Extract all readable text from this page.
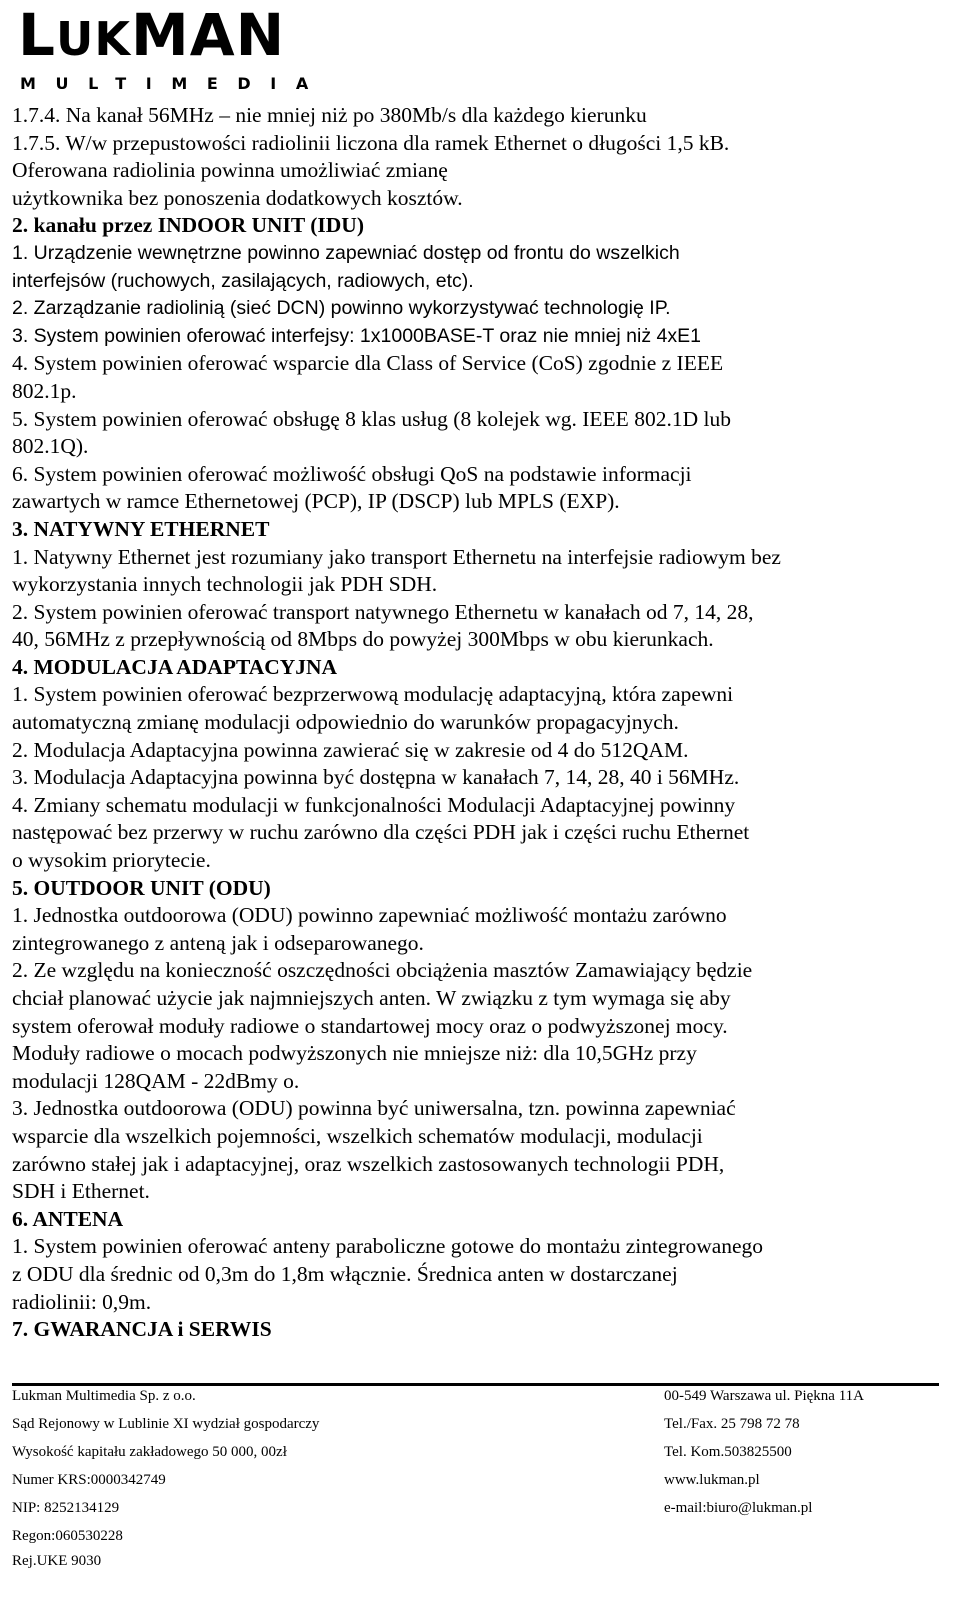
LUKMAN
MULTIMEDIA
1.7.4. Na kanał 56MHz – nie mniej niż po 380Mb/s dla każdego kierunku
1.7.5. W/w przepustowości radiolinii liczona dla ramek Ethernet o długości 1,5 kB.
Oferowana radiolinia powinna umożliwiać zmianę
użytkownika bez ponoszenia dodatkowych kosztów.
2. kanału przez INDOOR UNIT (IDU)
1. Urządzenie wewnętrzne powinno zapewniać dostęp od frontu do wszelkich
interfejsów (ruchowych, zasilających, radiowych, etc).
2. Zarządzanie radiolinią (sieć DCN) powinno wykorzystywać technologię IP.
3. System powinien oferować interfejsy: 1x1000BASE-T oraz nie mniej niż 4xE1
4. System powinien oferować wsparcie dla Class of Service (CoS) zgodnie z IEEE
802.1p.
5. System powinien oferować obsługę 8 klas usług (8 kolejek wg. IEEE 802.1D lub
802.1Q).
6. System powinien oferować możliwość obsługi QoS na podstawie informacji
zawartych w ramce Ethernetowej (PCP), IP (DSCP) lub MPLS (EXP).
3. NATYWNY ETHERNET
1. Natywny Ethernet jest rozumiany jako transport Ethernetu na interfejsie radiowym bez
wykorzystania innych technologii jak PDH SDH.
2. System powinien oferować transport natywnego Ethernetu w kanałach od 7, 14, 28,
40, 56MHz z przepływnością od 8Mbps do powyżej 300Mbps w obu kierunkach.
4. MODULACJA ADAPTACYJNA
1. System powinien oferować bezprzerwową modulację adaptacyjną, która zapewni
automatyczną zmianę modulacji odpowiednio do warunków propagacyjnych.
2. Modulacja Adaptacyjna powinna zawierać się w zakresie od 4 do 512QAM.
3. Modulacja Adaptacyjna powinna być dostępna w kanałach 7, 14, 28, 40 i 56MHz.
4. Zmiany schematu modulacji w funkcjonalności Modulacji Adaptacyjnej powinny
następować bez przerwy w ruchu zarówno dla części PDH jak i części ruchu Ethernet
o wysokim priorytecie.
5. OUTDOOR UNIT (ODU)
1. Jednostka outdoorowa (ODU) powinno zapewniać możliwość montażu zarówno
zintegrowanego z anteną jak i odseparowanego.
2. Ze względu na konieczność oszczędności obciążenia masztów Zamawiający będzie
chciał planować użycie jak najmniejszych anten. W związku z tym wymaga się aby
system oferował moduły radiowe o standartowej mocy oraz o podwyższonej mocy.
Moduły radiowe o mocach podwyższonych nie mniejsze niż: dla 10,5GHz przy
modulacji 128QAM - 22dBmy o.
3. Jednostka outdoorowa (ODU) powinna być uniwersalna, tzn. powinna zapewniać
wsparcie dla wszelkich pojemności, wszelkich schematów modulacji, modulacji
zarówno stałej jak i adaptacyjnej, oraz wszelkich zastosowanych technologii PDH,
SDH i Ethernet.
6. ANTENA
1. System powinien oferować anteny paraboliczne gotowe do montażu zintegrowanego
z ODU dla średnic od 0,3m do 1,8m włącznie. Średnica anten w dostarczanej
radiolinii: 0,9m.
7. GWARANCJA i SERWIS
Lukman Multimedia Sp. z o.o.
Sąd Rejonowy w Lublinie XI wydział gospodarczy
Wysokość kapitału zakładowego 50 000, 00zł
Numer KRS:0000342749
NIP: 8252134129
Regon:060530228
Rej.UKE 9030
00-549 Warszawa ul. Piękna 11A
Tel./Fax. 25 798 72 78
Tel. Kom.503825500
www.lukman.pl
e-mail:biuro@lukman.pl
